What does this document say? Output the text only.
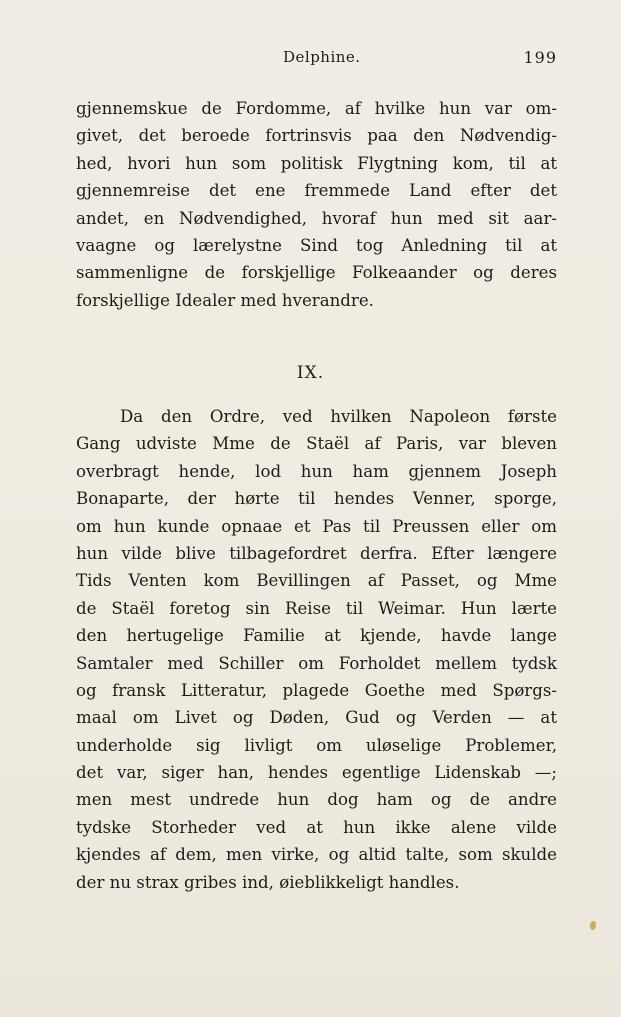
Delphine.	199
gjennemskue de Fordomme, af hvilke hun var om-
givet, det beroede fortrinsvis paa den Nødvendig-
hed, hvori hun som politisk Flygtning kom, til at
gjennemreise det ene fremmede Land efter det
andet, en Nødvendighed, hvoraf hun med sit aar-
vaagne og lærelystne Sind tog Anledning til at
sammenligne de forskjellige Folkeaander og deres
forskjellige Idealer med hverandre.
IX.
Da den Ordre, ved hvilken Napoleon første
Gang udviste Mme de Staël af Paris, var bleven
overbragt hende, lod hun ham gjennem Joseph
Bonaparte, der hørte til hendes Venner, sporge,
om hun kunde opnaae et Pas til Preussen eller om
hun vilde blive tilbagefordret derfra. Efter længere
Tids Venten kom Bevillingen af Passet, og Mme
de Staël foretog sin Reise til Weimar. Hun lærte
den hertugelige Familie at kjende, havde lange
Samtaler med Schiller om Forholdet mellem tydsk
og fransk Litteratur, plagede Goethe med Spørgs-
maal om Livet og Døden, Gud og Verden — at
underholde sig livligt om uløselige Problemer,
det var, siger han, hendes egentlige Lidenskab —;
men mest undrede hun dog ham og de andre
tydske Storheder ved at hun ikke alene vilde
kjendes af dem, men virke, og altid talte, som skulde
der nu strax gribes ind, øieblikkeligt handles.
